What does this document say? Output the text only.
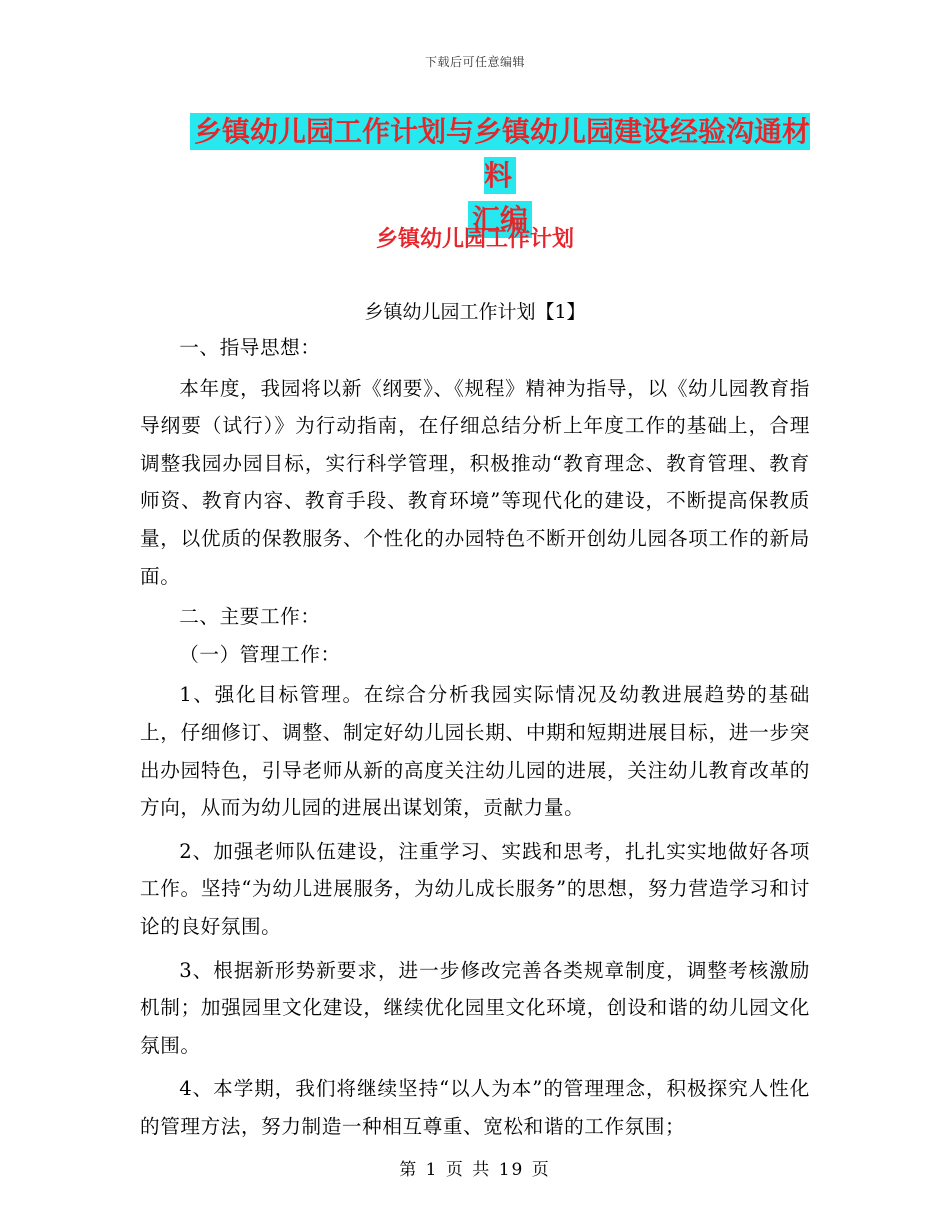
下载后可任意编辑
乡镇幼儿园工作计划与乡镇幼儿园建设经验沟通材料
汇编
乡镇幼儿园工作计划
乡镇幼儿园工作计划【1】

一、指导思想：

本年度，我园将以新《纲要》、《规程》精神为指导，以《幼儿园教育指导纲要（试行）》为行动指南，在仔细总结分析上年度工作的基础上，合理调整我园办园目标，实行科学管理，积极推动“教育理念、教育管理、教育师资、教育内容、教育手段、教育环境”等现代化的建设，不断提高保教质量，以优质的保教服务、个性化的办园特色不断开创幼儿园各项工作的新局面。

二、主要工作：

（一）管理工作：

1、强化目标管理。在综合分析我园实际情况及幼教进展趋势的基础上，仔细修订、调整、制定好幼儿园长期、中期和短期进展目标，进一步突出办园特色，引导老师从新的高度关注幼儿园的进展，关注幼儿教育改革的方向，从而为幼儿园的进展出谋划策，贡献力量。

2、加强老师队伍建设，注重学习、实践和思考，扎扎实实地做好各项工作。坚持“为幼儿进展服务，为幼儿成长服务”的思想，努力营造学习和讨论的良好氛围。

3、根据新形势新要求，进一步修改完善各类规章制度，调整考核激励机制；加强园里文化建设，继续优化园里文化环境，创设和谐的幼儿园文化氛围。

4、本学期，我们将继续坚持“以人为本”的管理理念，积极探究人性化的管理方法，努力制造一种相互尊重、宽松和谐的工作氛围；

第 1 页 共 19 页
